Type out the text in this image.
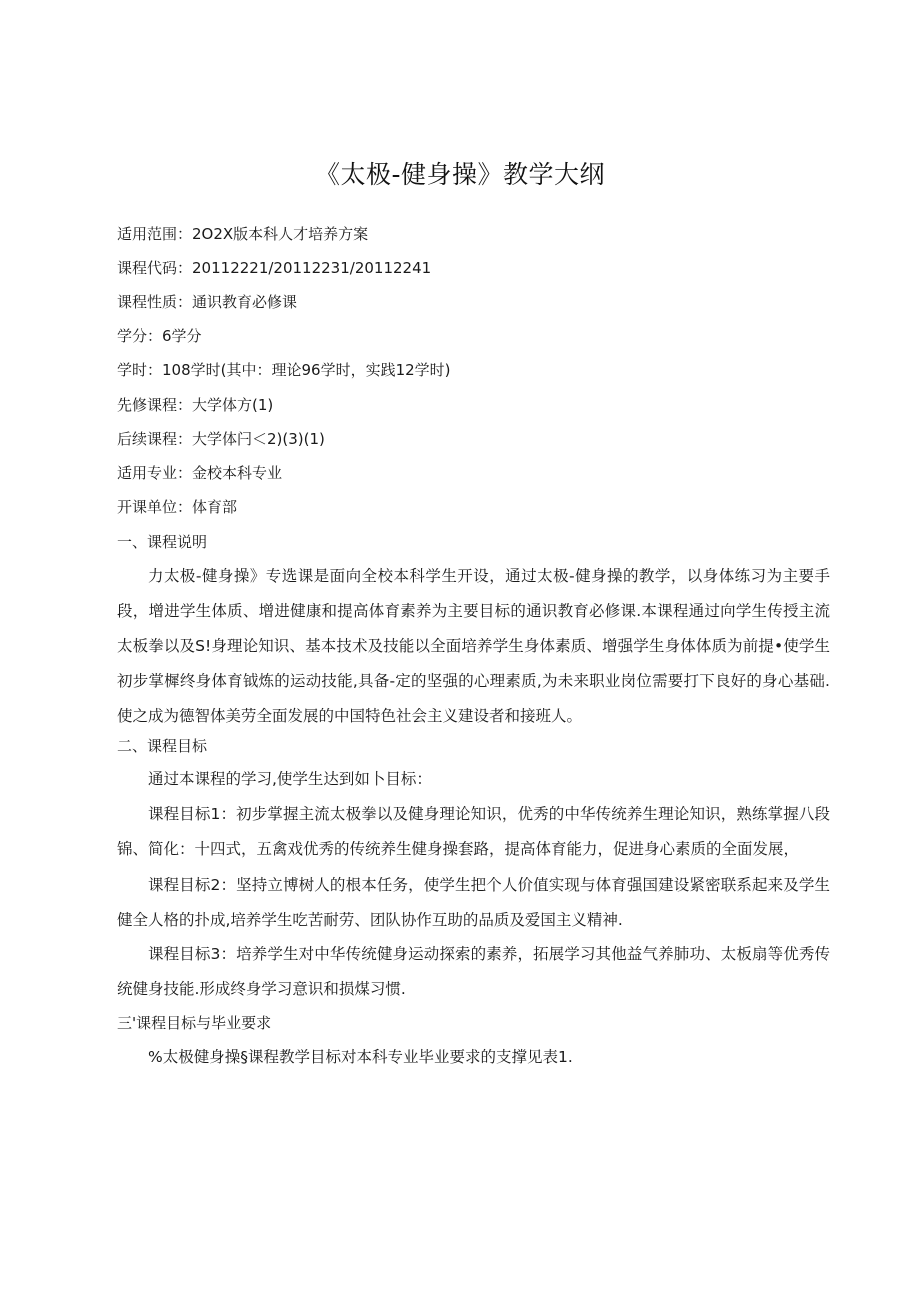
《太极-健身操》教学大纲
适用范围：2O2X版本科人才培养方案
课程代码：20112221/20112231/20112241
课程性质：通识教育必修课
学分：6学分
学时：108学时(其中：理论96学时，实践12学时)
先修课程：大学体方(1)
后续课程：大学体闩＜2)(3)(1)
适用专业：金校本科专业
开课单位：体育部
一、课程说明
力太极-健身操》专选课是面向全校本科学生开设，通过太极-健身操的教学，以身体练习为主要手段，增进学生体质、增进健康和提高体育素养为主要目标的通识教育必修课.本课程通过向学生传授主流太板拳以及S!身理论知识、基本技术及技能以全面培养学生身体素质、增强学生身体体质为前提•使学生初步掌樨终身体育钺炼的运动技能,具备-定的坚强的心理素质,为未来职业岗位需要打下良好的身心基础.使之成为德智体美劳全面发展的中国特色社会主义建设者和接班人。
二、课程目标
通过本课程的学习,使学生达到如卜目标：
课程目标1：初步掌握主流太极拳以及健身理论知识，优秀的中华传统养生理论知识，熟练掌握八段锦、简化：十四式，五禽戏优秀的传统养生健身操套路，提高体育能力，促进身心素质的全面发展，
课程目标2：坚持立博树人的根本任务，使学生把个人价值实现与体育强国建设紧密联系起来及学生健全人格的扑成,培养学生吃苦耐劳、团队协作互助的品质及爱国主义精神.
课程目标3：培养学生对中华传统健身运动探索的素养，拓展学习其他益气养肺功、太板扇等优秀传统健身技能.形成终身学习意识和损煤习惯.
三'课程目标与毕业要求
%太极健身操§课程教学目标对本科专业毕业要求的支撑见表1.
